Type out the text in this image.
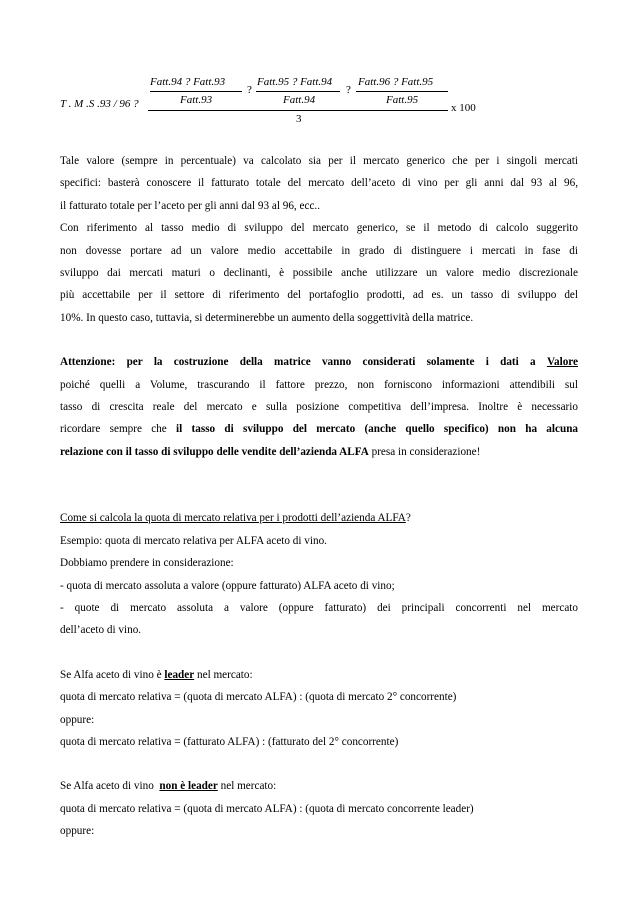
Fatt.94 ? Fatt.93
Fatt.93
?
Fatt.95 ? Fatt.94
Fatt.94
?
Fatt.96 ? Fatt.95
Fatt.95
T . M .S .93 / 96 ?
3
x 100

Tale valore (sempre in percentuale) va calcolato sia per il mercato generico che per i singoli mercati

specifici: basterà conoscere il fatturato totale del mercato dell’aceto di vino per gli anni dal 93 al 96,

il fatturato totale per l’aceto per gli anni dal 93 al 96, ecc..

Con riferimento al tasso medio di sviluppo del mercato generico, se il metodo di calcolo suggerito

non dovesse portare ad un valore medio accettabile in grado di distinguere i mercati in fase di

sviluppo dai mercati maturi o declinanti, è possibile anche utilizzare un valore medio discrezionale

più accettabile per il settore di riferimento del portafoglio prodotti, ad es. un tasso di sviluppo del

10%. In questo caso, tuttavia, si determinerebbe un aumento della soggettività della matrice.

Attenzione: per la costruzione della matrice vanno considerati solamente i dati a Valore

poiché quelli a Volume, trascurando il fattore prezzo, non forniscono informazioni attendibili sul

tasso di crescita reale del mercato e sulla posizione competitiva dell’impresa. Inoltre è necessario

ricordare sempre che il tasso di sviluppo del mercato (anche quello specifico) non ha alcuna

relazione con il tasso di sviluppo delle vendite dell’azienda ALFA presa in considerazione!

Come si calcola la quota di mercato relativa per i prodotti dell’azienda ALFA?

Esempio: quota di mercato relativa per ALFA aceto di vino.

Dobbiamo prendere in considerazione:

- quota di mercato assoluta a valore (oppure fatturato) ALFA aceto di vino;

- quote di mercato assoluta a valore (oppure fatturato) dei principali concorrenti nel mercato

dell’aceto di vino.

Se Alfa aceto di vino è leader nel mercato:

quota di mercato relativa = (quota di mercato ALFA) : (quota di mercato 2° concorrente)

oppure:

quota di mercato relativa = (fatturato ALFA) : (fatturato del 2° concorrente)

Se Alfa aceto di vino non è leader nel mercato:

quota di mercato relativa = (quota di mercato ALFA) : (quota di mercato concorrente leader)

oppure:
